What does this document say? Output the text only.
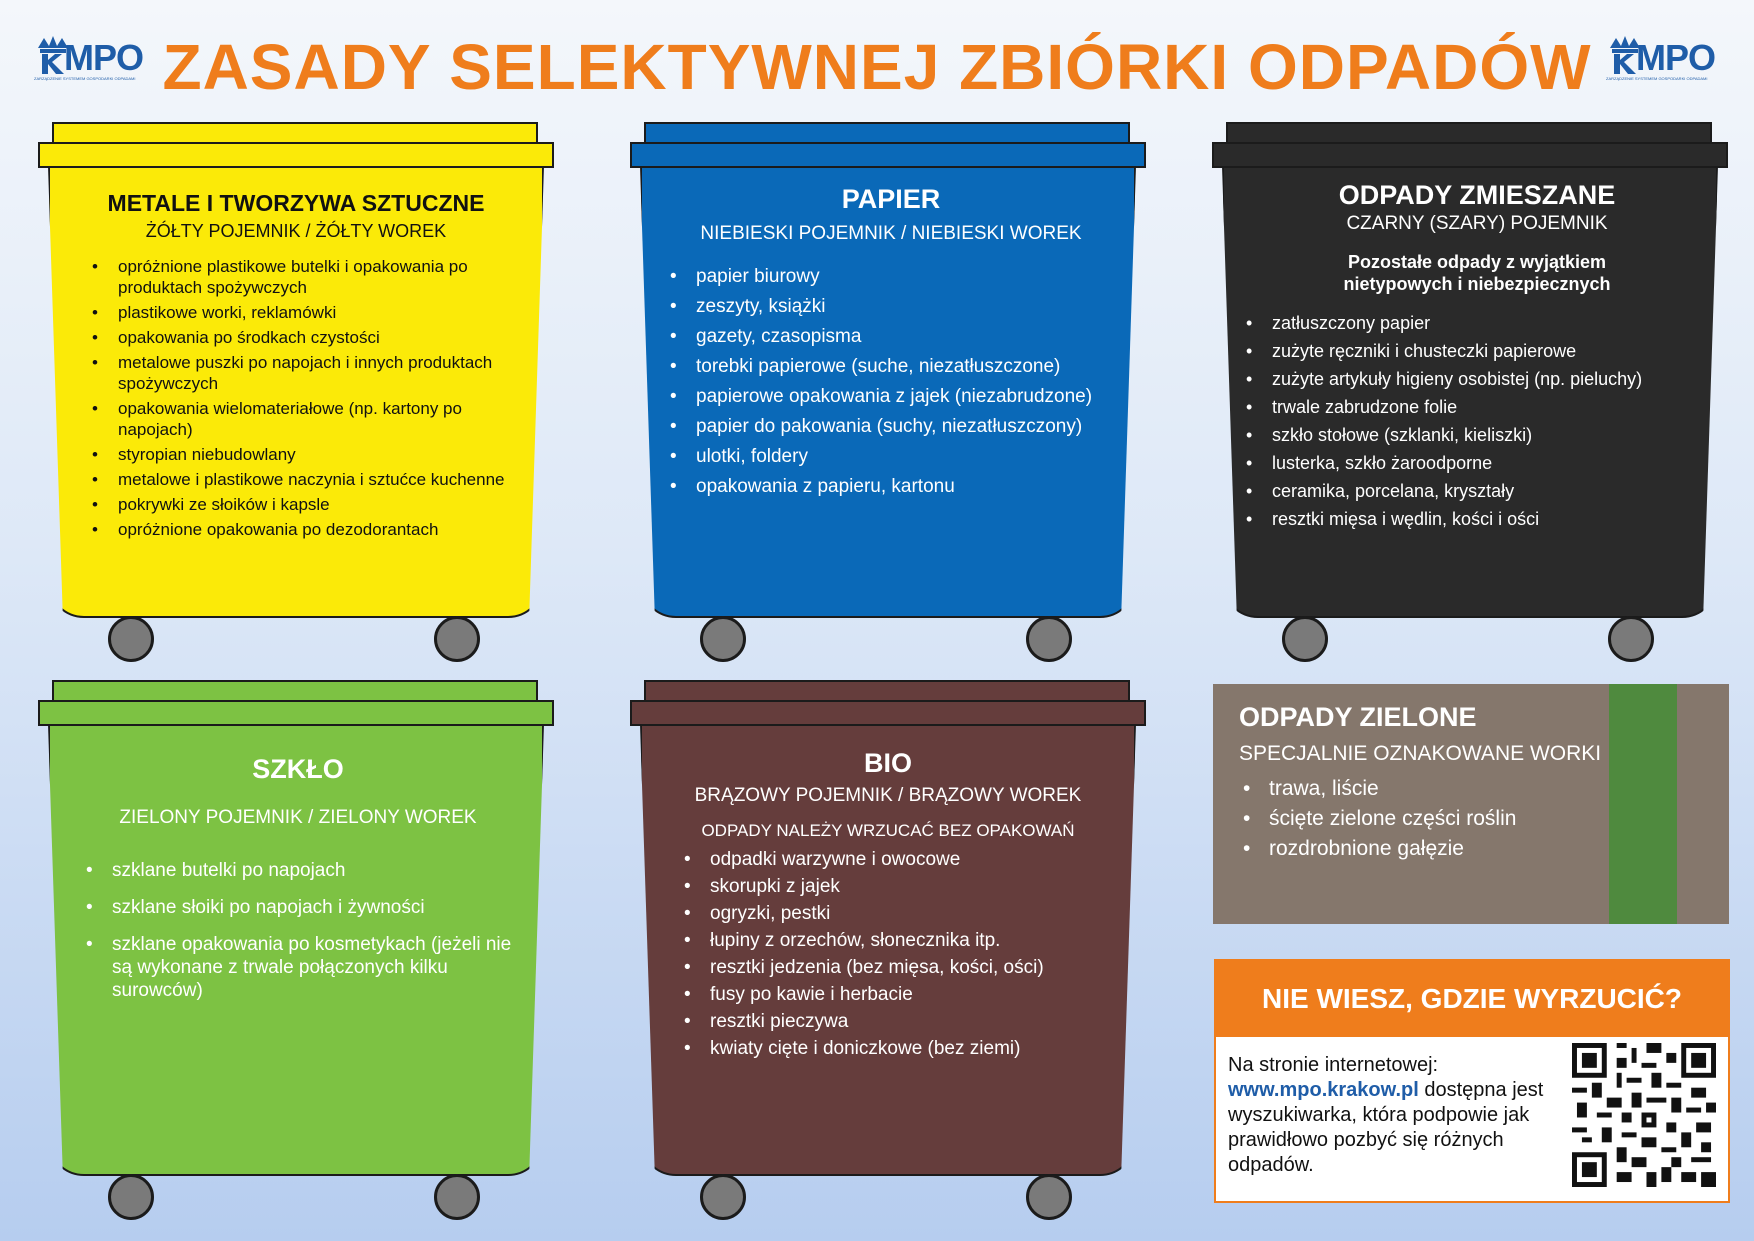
MPO
ZARZĄDZENIE SYSTEMEM GOSPODARKI ODPADAMI
MPO
ZARZĄDZENIE SYSTEMEM GOSPODARKI ODPADAMI
ZASADY SELEKTYWNEJ ZBIÓRKI ODPADÓW
METALE I TWORZYWA SZTUCZNE
ŻÓŁTY POJEMNIK / ŻÓŁTY WOREK
• opróżnione plastikowe butelki i opakowania po produktach spożywczych
• plastikowe worki, reklamówki
• opakowania po środkach czystości
• metalowe puszki po napojach i innych produktach spożywczych
• opakowania wielomateriałowe (np. kartony po napojach)
• styropian niebudowlany
• metalowe i plastikowe naczynia i sztućce kuchenne
• pokrywki ze słoików i kapsle
• opróżnione opakowania po dezodorantach
PAPIER
NIEBIESKI POJEMNIK / NIEBIESKI WOREK
• papier biurowy
• zeszyty, książki
• gazety, czasopisma
• torebki papierowe (suche, niezatłuszczone)
• papierowe opakowania z jajek (niezabrudzone)
• papier do pakowania (suchy, niezatłuszczony)
• ulotki, foldery
• opakowania z papieru, kartonu
ODPADY ZMIESZANE
CZARNY (SZARY) POJEMNIK
Pozostałe odpady z wyjątkiem nietypowych i niebezpiecznych
• zatłuszczony papier
• zużyte ręczniki i chusteczki papierowe
• zużyte artykuły higieny osobistej (np. pieluchy)
• trwale zabrudzone folie
• szkło stołowe (szklanki, kieliszki)
• lusterka, szkło żaroodporne
• ceramika, porcelana, kryształy
• resztki mięsa i wędlin, kości i ości
SZKŁO
ZIELONY POJEMNIK / ZIELONY WOREK
• szklane butelki po napojach
• szklane słoiki po napojach i żywności
• szklane opakowania po kosmetykach (jeżeli nie są wykonane z trwale połączonych kilku surowców)
BIO
BRĄZOWY POJEMNIK / BRĄZOWY WOREK
ODPADY NALEŻY WRZUCAĆ BEZ OPAKOWAŃ
• odpadki warzywne i owocowe
• skorupki z jajek
• ogryzki, pestki
• łupiny z orzechów, słonecznika itp.
• resztki jedzenia (bez mięsa, kości, ości)
• fusy po kawie i herbacie
• resztki pieczywa
• kwiaty cięte i doniczkowe (bez ziemi)
ODPADY ZIELONE
SPECJALNIE OZNAKOWANE WORKI
• trawa, liście
• ścięte zielone części roślin
• rozdrobnione gałęzie
NIE WIESZ, GDZIE WYRZUCIĆ?
Na stronie internetowej:
www.mpo.krakow.pl dostępna jest wyszukiwarka, która podpowie jak prawidłowo pozbyć się różnych odpadów.
